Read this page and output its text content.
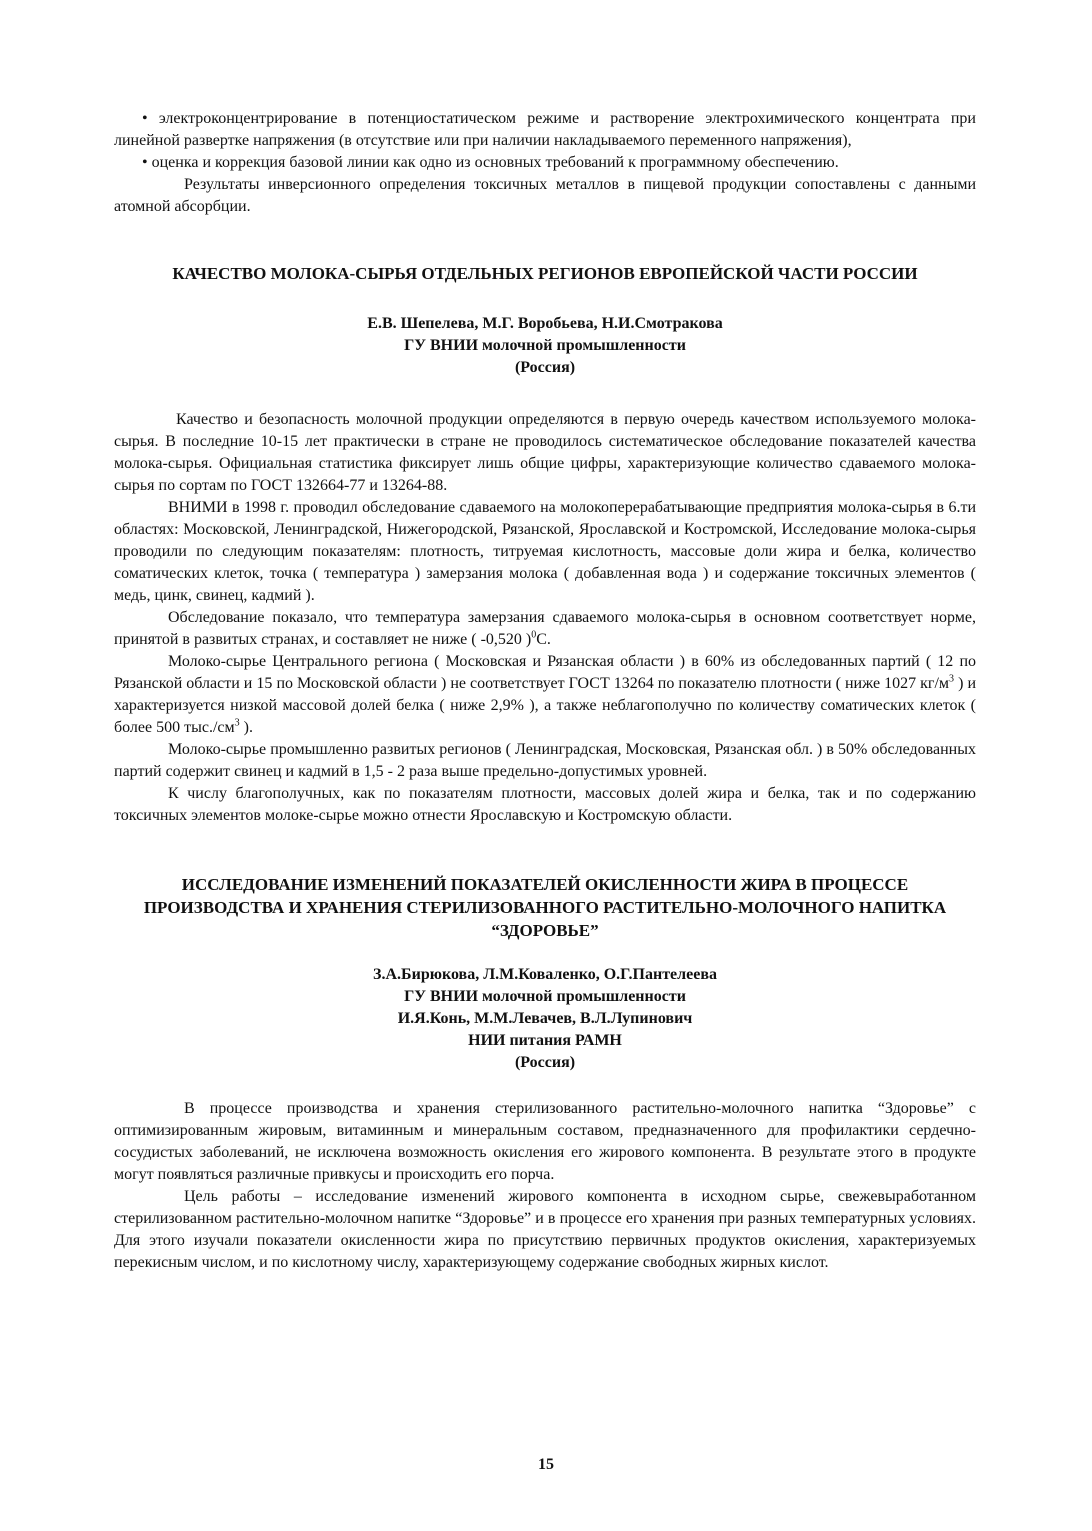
• электроконцентрирование в потенциостатическом режиме и растворение электрохимического концентрата при линейной развертке напряжения (в отсутствие или при наличии накладываемого переменного напряжения),

• оценка и коррекция базовой линии как одно из основных требований к программному обеспечению.

Результаты инверсионного определения токсичных металлов в пищевой продукции сопоставлены с данными атомной абсорбции.

КАЧЕСТВО МОЛОКА-СЫРЬЯ ОТДЕЛЬНЫХ РЕГИОНОВ ЕВРОПЕЙСКОЙ ЧАСТИ РОССИИ

Е.В. Шепелева, М.Г. Воробьева, Н.И.Смотракова

ГУ ВНИИ молочной промышленности

(Россия)

Качество и безопасность молочной продукции определяются в первую очередь качеством используемого молока-сырья. В последние 10-15 лет практически в стране не проводилось систематическое обследование показателей качества молока-сырья. Официальная статистика фиксирует лишь общие цифры, характеризующие количество сдаваемого молока-сырья по сортам по ГОСТ 132664-77 и 13264-88.

ВНИМИ в 1998 г. проводил обследование сдаваемого на молокоперерабатывающие предприятия молока-сырья в 6.ти областях: Московской, Ленинградской, Нижегородской, Рязанской, Ярославской и Костромской, Исследование молока-сырья проводили по следующим показателям: плотность, титруемая кислотность, массовые доли жира и белка, количество соматических клеток, точка ( температура ) замерзания молока ( добавленная вода ) и содержание токсичных элементов ( медь, цинк, свинец, кадмий ).

Обследование показало, что температура замерзания сдаваемого молока-сырья в основном соответствует норме, принятой в развитых странах, и составляет не ниже ( -0,520 )$^0$С.

Молоко-сырье Центрального региона ( Московская и Рязанская области ) в 60% из обследованных партий ( 12 по Рязанской области и 15 по Московской области ) не соответствует ГОСТ 13264 по показателю плотности ( ниже 1027 $кг/м^3$ ) и характеризуется низкой массовой долей белка ( ниже 2,9% ), а также неблагополучно по количеству соматических клеток ( более 500 $тыс./см^3$ ).

Молоко-сырье промышленно развитых регионов ( Ленинградская, Московская, Рязанская обл. ) в 50% обследованных партий содержит свинец и кадмий в 1,5 - 2 раза выше предельно-допустимых уровней.

К числу благополучных, как по показателям плотности, массовых долей жира и белка, так и по содержанию токсичных элементов молоке-сырье можно отнести Ярославскую и Костромскую области.

ИССЛЕДОВАНИЕ ИЗМЕНЕНИЙ ПОКАЗАТЕЛЕЙ ОКИСЛЕННОСТИ ЖИРА В ПРОЦЕССЕ ПРОИЗВОДСТВА И ХРАНЕНИЯ СТЕРИЛИЗОВАННОГО РАСТИТЕЛЬНО-МОЛОЧНОГО НАПИТКА “ЗДОРОВЬЕ”

З.А.Бирюкова, Л.М.Коваленко, О.Г.Пантелеева

ГУ ВНИИ молочной промышленности

И.Я.Конь, М.М.Левачев, В.Л.Лупинович

НИИ питания РАМН

(Россия)

В процессе производства и хранения стерилизованного растительно-молочного напитка “Здоровье” с оптимизированным жировым, витаминным и минеральным составом, предназначенного для профилактики сердечно-сосудистых заболеваний, не исключена возможность окисления его жирового компонента. В результате этого в продукте могут появляться различные привкусы и происходить его порча.

Цель работы – исследование изменений жирового компонента в исходном сырье, свежевыработанном стерилизованном растительно-молочном напитке “Здоровье” и в процессе его хранения при разных температурных условиях. Для этого изучали показатели окисленности жира по присутствию первичных продуктов окисления, характеризуемых перекисным числом, и по кислотному числу, характеризующему содержание свободных жирных кислот.

15
